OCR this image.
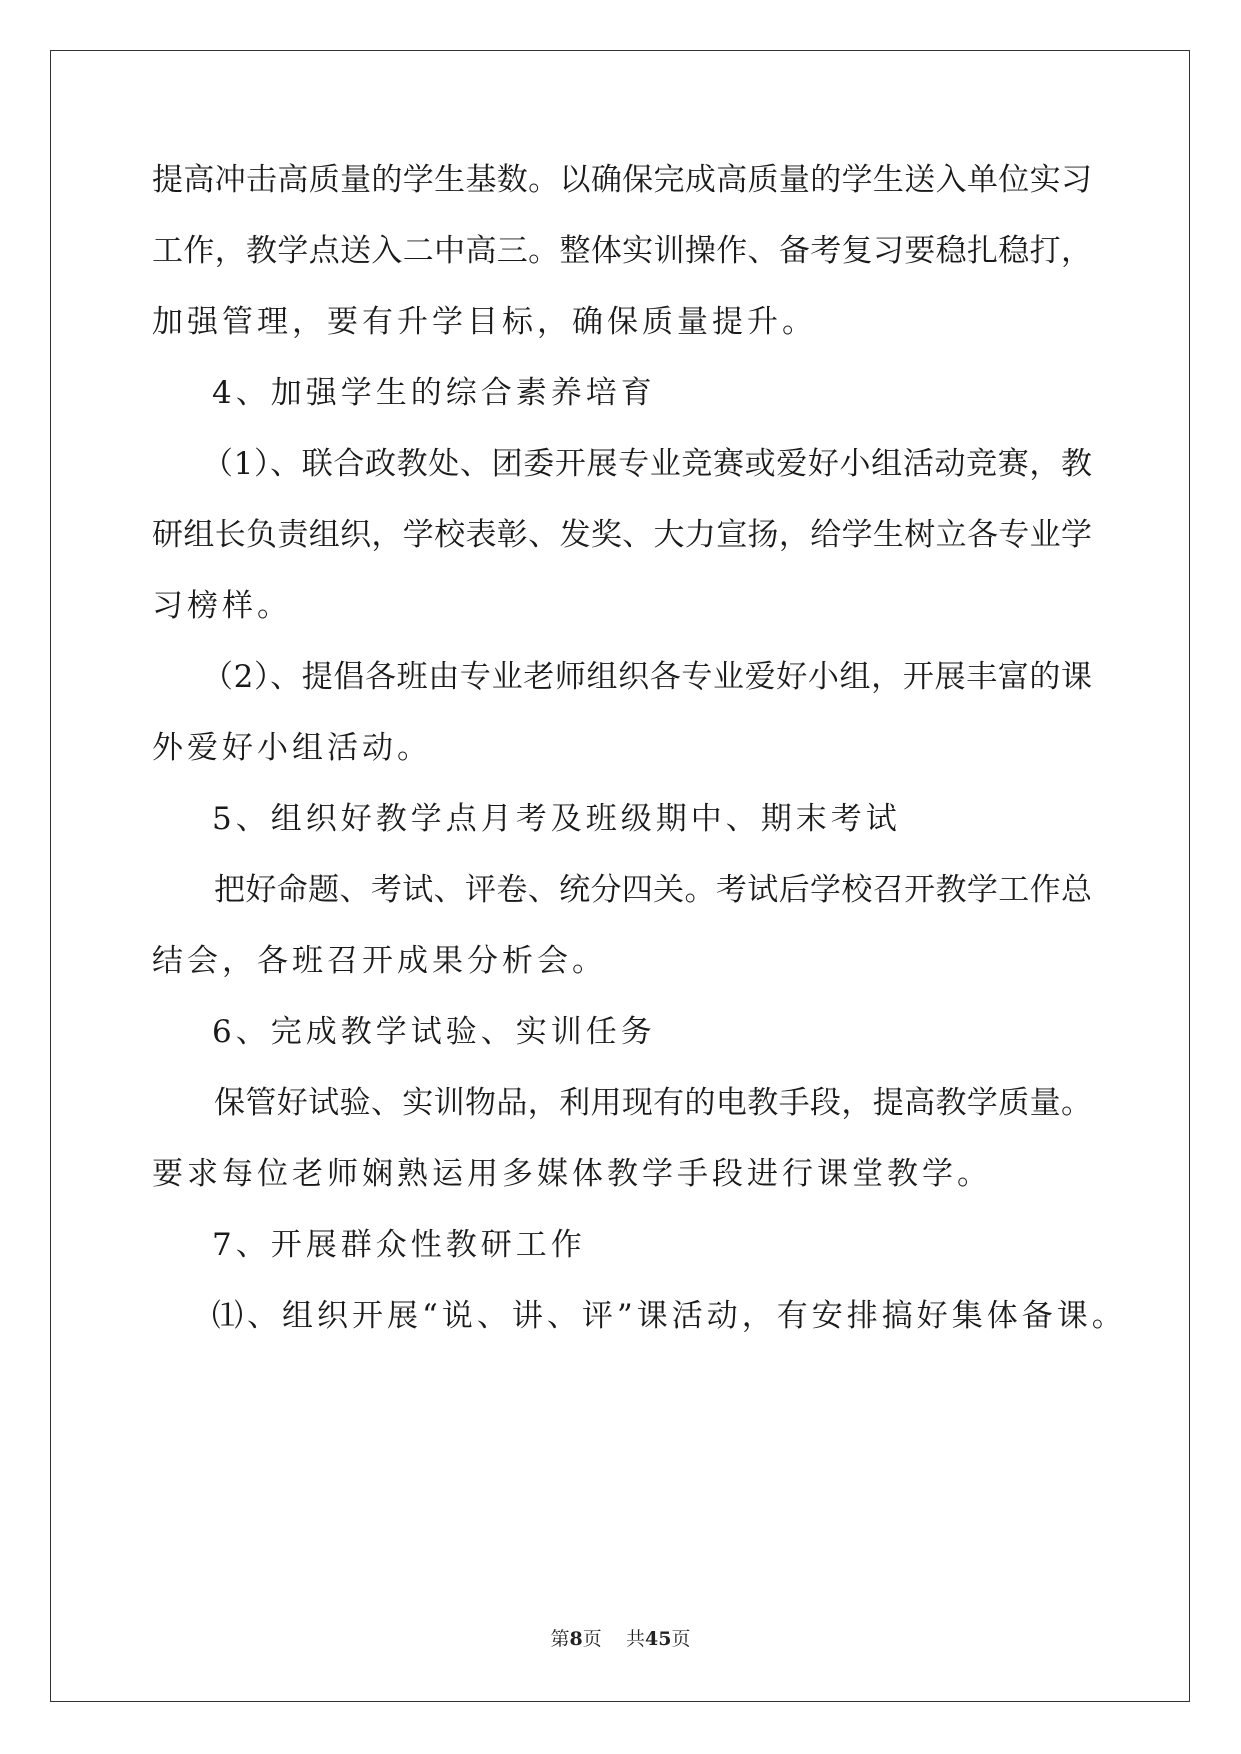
提高冲击高质量的学生基数。以确保完成高质量的学生送入单位实习
工作，教学点送入二中高三。整体实训操作、备考复习要稳扎稳打，
加强管理，要有升学目标，确保质量提升。
4、加强学生的综合素养培育
（1）、联合政教处、团委开展专业竞赛或爱好小组活动竞赛，教
研组长负责组织，学校表彰、发奖、大力宣扬，给学生树立各专业学
习榜样。
（2）、提倡各班由专业老师组织各专业爱好小组，开展丰富的课
外爱好小组活动。
5、组织好教学点月考及班级期中、期末考试
把好命题、考试、评卷、统分四关。考试后学校召开教学工作总
结会，各班召开成果分析会。
6、完成教学试验、实训任务
保管好试验、实训物品，利用现有的电教手段，提高教学质量。
要求每位老师娴熟运用多媒体教学手段进行课堂教学。
7、开展群众性教研工作
⑴、组织开展“说、讲、评”课活动，有安排搞好集体备课。
第8页 共45页
